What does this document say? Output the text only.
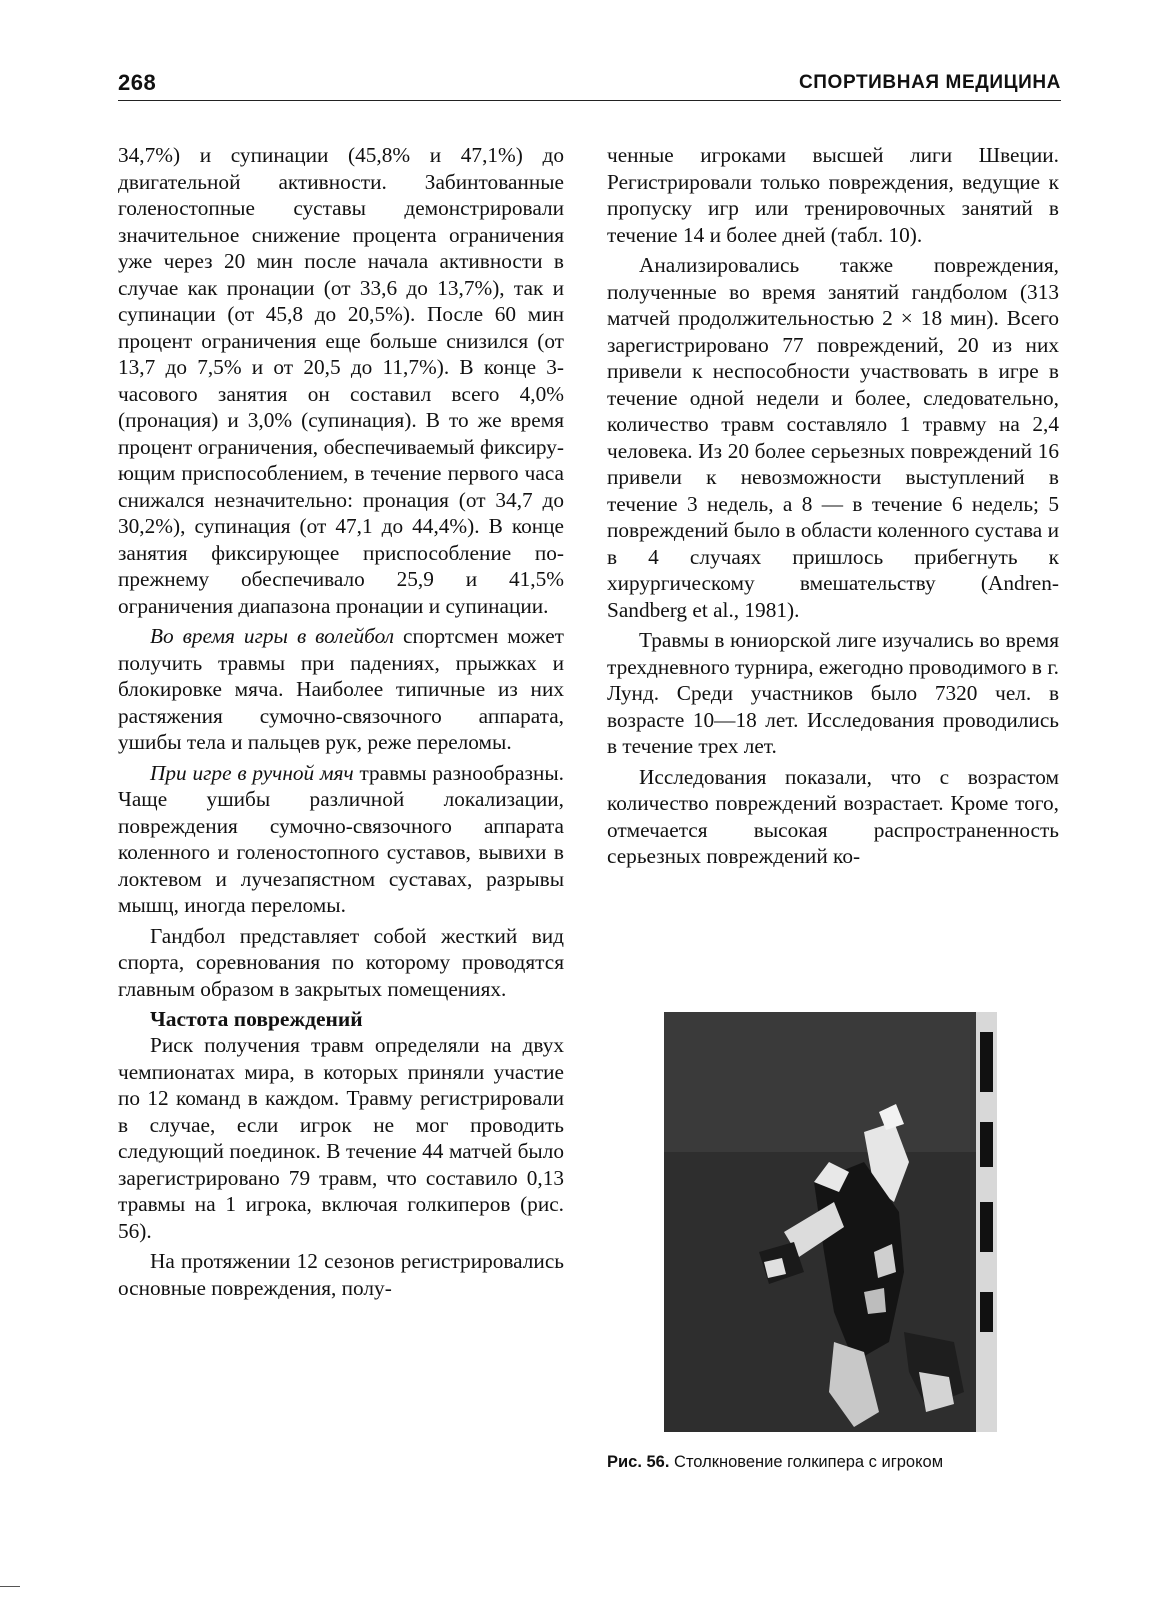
268	СПОРТИВНАЯ МЕДИЦИНА

34,7%) и супинации (45,8% и 47,1%) до двигательной активности. Забинтованные голеностопные суставы демонстрировали значительное снижение процента ограничения уже через 20 мин после начала активности в случае как пронации (от 33,6 до 13,7%), так и супинации (от 45,8 до 20,5%). После 60 мин процент ограничения еще больше снизился (от 13,7 до 7,5% и от 20,5 до 11,7%). В конце 3-часового занятия он составил всего 4,0% (пронация) и 3,0% (супинация). В то же время процент ограничения, обеспечиваемый фиксирующим приспособлением, в течение первого часа снижался незначительно: пронация (от 34,7 до 30,2%), супинация (от 47,1 до 44,4%). В конце занятия фиксирующее приспособление по-прежнему обеспечивало 25,9 и 41,5% ограничения диапазона пронации и супинации.

Во время игры в волейбол спортсмен может получить травмы при падениях, прыжках и блокировке мяча. Наиболее типичные из них растяжения сумочно-связочного аппарата, ушибы тела и пальцев рук, реже переломы.

При игре в ручной мяч травмы разнообразны. Чаще ушибы различной локализации, повреждения сумочно-связочного аппарата коленного и голеностопного суставов, вывихи в локтевом и лучезапястном суставах, разрывы мышц, иногда переломы.

Гандбол представляет собой жесткий вид спорта, соревнования по которому проводятся главным образом в закрытых помещениях.

Частота повреждений

Риск получения травм определяли на двух чемпионатах мира, в которых приняли участие по 12 команд в каждом. Травму регистрировали в случае, если игрок не мог проводить следующий поединок. В течение 44 матчей было зарегистрировано 79 травм, что составило 0,13 травмы на 1 игрока, включая голкиперов (рис. 56).

На протяжении 12 сезонов регистрировались основные повреждения, полу-

ченные игроками высшей лиги Швеции. Регистрировали только повреждения, ведущие к пропуску игр или тренировочных занятий в течение 14 и более дней (табл. 10).

Анализировались также повреждения, полученные во время занятий гандболом (313 матчей продолжительностью 2 × 18 мин). Всего зарегистрировано 77 повреждений, 20 из них привели к неспособности участвовать в игре в течение одной недели и более, следовательно, количество травм составляло 1 травму на 2,4 человека. Из 20 более серьезных повреждений 16 привели к невозможности выступлений в течение 3 недель, а 8 — в течение 6 недель; 5 повреждений было в области коленного сустава и в 4 случаях пришлось прибегнуть к хирургическому вмешательству (Andren-Sandberg et al., 1981).

Травмы в юниорской лиге изучались во время трехдневного турнира, ежегодно проводимого в г. Лунд. Среди участников было 7320 чел. в возрасте 10—18 лет. Исследования проводились в течение трех лет.

Исследования показали, что с возрастом количество повреждений возрастает. Кроме того, отмечается высокая распространенность серьезных повреждений ко-

Рис. 56. Столкновение голкипера с игроком
